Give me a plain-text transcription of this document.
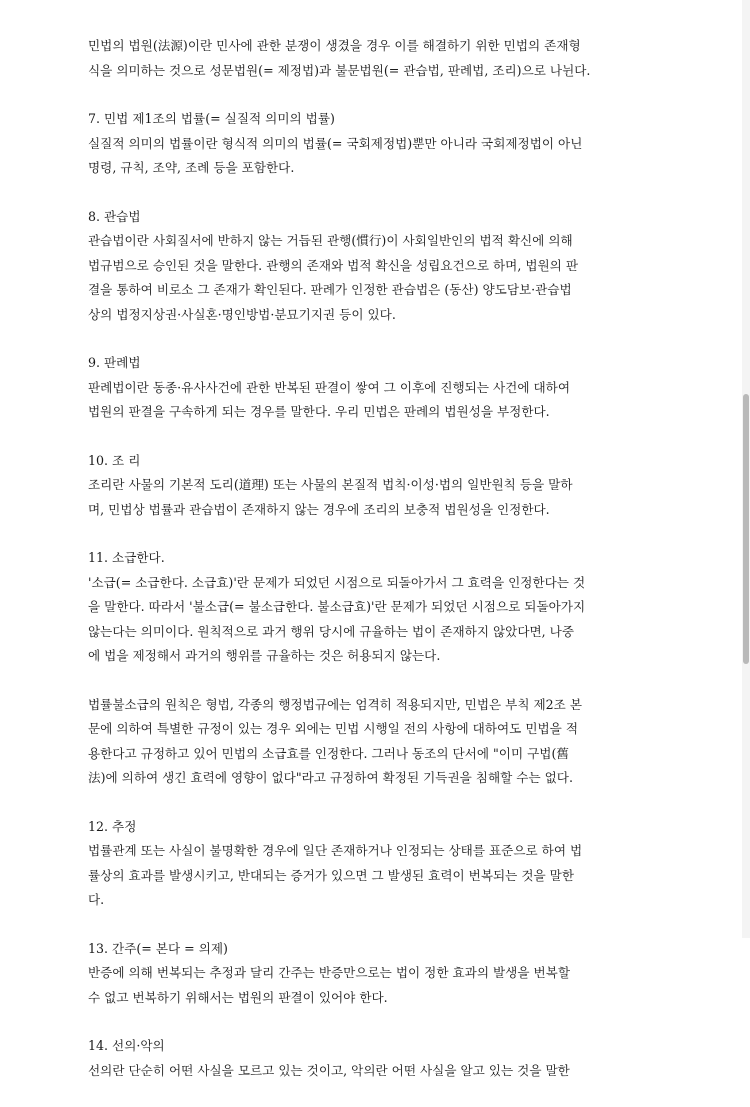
민법의 법원(法源)이란 민사에 관한 분쟁이 생겼을 경우 이를 해결하기 위한 민법의 존재형
식을 의미하는 것으로 성문법원(= 제정법)과 불문법원(= 관습법, 판례법, 조리)으로 나뉜다.

7. 민법 제1조의 법률(= 실질적 의미의 법률)

실질적 의미의 법률이란 형식적 의미의 법률(= 국회제정법)뿐만 아니라 국회제정법이 아닌
명령, 규칙, 조약, 조례 등을 포함한다.

8. 관습법

관습법이란 사회질서에 반하지 않는 거듭된 관행(慣行)이 사회일반인의 법적 확신에 의해
법규범으로 승인된 것을 말한다. 관행의 존재와 법적 확신을 성립요건으로 하며, 법원의 판
결을 통하여 비로소 그 존재가 확인된다. 판례가 인정한 관습법은 (동산) 양도담보·관습법
상의 법정지상권·사실혼·명인방법·분묘기지권 등이 있다.

9. 판례법

판례법이란 동종·유사사건에 관한 반복된 판결이 쌓여 그 이후에 진행되는 사건에 대하여
법원의 판결을 구속하게 되는 경우를 말한다. 우리 민법은 판례의 법원성을 부정한다.

10. 조 리

조리란 사물의 기본적 도리(道理) 또는 사물의 본질적 법칙·이성·법의 일반원칙 등을 말하
며, 민법상 법률과 관습법이 존재하지 않는 경우에 조리의 보충적 법원성을 인정한다.

11. 소급한다.

'소급(= 소급한다. 소급효)'란 문제가 되었던 시점으로 되돌아가서 그 효력을 인정한다는 것
을 말한다. 따라서 '불소급(= 불소급한다. 불소급효)'란 문제가 되었던 시점으로 되돌아가지
않는다는 의미이다. 원칙적으로 과거 행위 당시에 규율하는 법이 존재하지 않았다면, 나중
에 법을 제정해서 과거의 행위를 규율하는 것은 허용되지 않는다.

법률불소급의 원칙은 형법, 각종의 행정법규에는 엄격히 적용되지만, 민법은 부칙 제2조 본
문에 의하여 특별한 규정이 있는 경우 외에는 민법 시행일 전의 사항에 대하여도 민법을 적
용한다고 규정하고 있어 민법의 소급효를 인정한다. 그러나 동조의 단서에 "이미 구법(舊
法)에 의하여 생긴 효력에 영향이 없다"라고 규정하여 확정된 기득권을 침해할 수는 없다.

12. 추정

법률관계 또는 사실이 불명확한 경우에 일단 존재하거나 인정되는 상태를 표준으로 하여 법
률상의 효과를 발생시키고, 반대되는 증거가 있으면 그 발생된 효력이 번복되는 것을 말한
다.

13. 간주(= 본다 = 의제)

반증에 의해 번복되는 추정과 달리 간주는 반증만으로는 법이 정한 효과의 발생을 번복할
수 없고 번복하기 위해서는 법원의 판결이 있어야 한다.

14. 선의·악의

선의란 단순히 어떤 사실을 모르고 있는 것이고, 악의란 어떤 사실을 알고 있는 것을 말한
